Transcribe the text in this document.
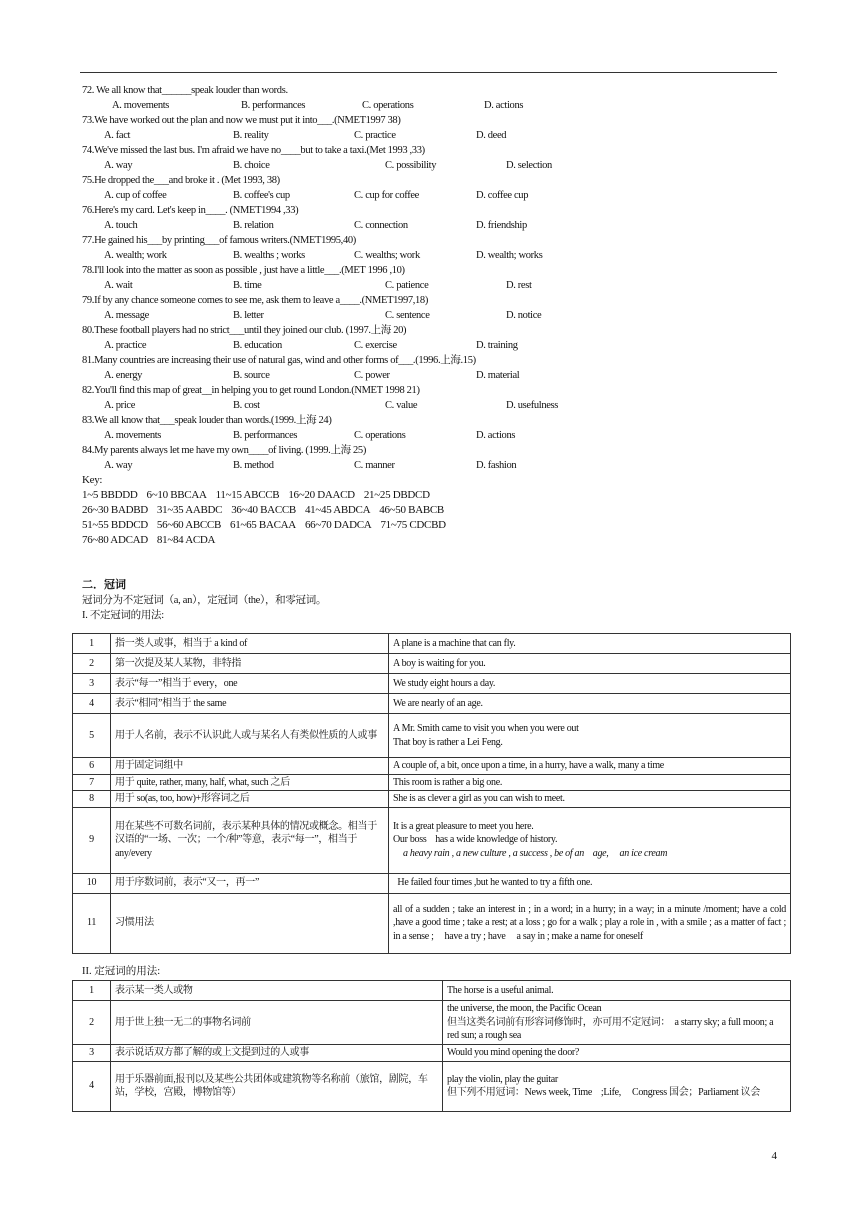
72. We all know that______speak louder than words.
A. movements	B. performances	C. operations	D. actions
73.We have worked out the plan and now we must put it into___.(NMET1997 38)
A. fact	B. reality	C. practice	D. deed
74.We've missed the last bus. I'm afraid we have no____but to take a taxi.(Met 1993 ,33)
A. way	B. choice	C. possibility	D. selection
75.He dropped the___and broke it . (Met 1993, 38)
A. cup of coffee	B. coffee's cup	C. cup for coffee	D. coffee cup
76.Here's my card. Let's keep in____. (NMET1994 ,33)
A. touch	B. relation	C. connection	D. friendship
77.He gained his___by printing___of famous writers.(NMET1995,40)
A. wealth; work	B. wealths ; works	C. wealths; work	D. wealth; works
78.I'll look into the matter as soon as possible , just have a little___.(MET 1996 ,10)
A. wait	B. time	C. patience	D. rest
79.If by any chance someone comes to see me, ask them to leave a____.(NMET1997,18)
A. message	B. letter	C. sentence	D. notice
80.These football players had no strict___until they joined our club. (1997.上海 20)
A. practice	B. education	C. exercise	D. training
81.Many countries are increasing their use of natural gas, wind and other forms of___.(1996.上海.15)
A. energy	B. source	C. power	D. material
82.You'll find this map of great__in helping you to get round London.(NMET 1998 21)
A. price	B. cost	C. value	D. usefulness
83.We all know that___speak louder than words.(1999.上海 24)
A. movements	B. performances	C. operations	D. actions
84.My parents always let me have my own____of living. (1999.上海 25)
A. way	B. method	C. manner	D. fashion
Key:
1~5 BBDDD 6~10 BBCAA 11~15 ABCCB 16~20 DAACD 21~25 DBDCD
26~30 BADBD 31~35 AABDC 36~40 BACCB 41~45 ABDCA 46~50 BABCB
51~55 BDDCD 56~60 ABCCB 61~65 BACAA 66~70 DADCA 71~75 CDCBD
76~80 ADCAD 81~84 ACDA
二．冠词
冠词分为不定冠词（a, an），定冠词（the），和零冠词。
I. 不定冠词的用法:
1	指一类人或事，相当于 a kind of	A plane is a machine that can fly.

2	第一次提及某人某物，非特指	A boy is waiting for you.

3	表示“每一”相当于 every，one	We study eight hours a day.

4	表示“相同”相当于 the same	We are nearly of an age.

5	用于人名前，表示不认识此人或与某名人有类似性质的人或事	A Mr. Smith came to visit you when you were out
That boy is rather a Lei Feng.

6	用于固定词组中	A couple of, a bit, once upon a time, in a hurry, have a walk, many a time

7	用于 quite, rather, many, half, what, such 之后	This room is rather a big one.

8	用于 so(as, too, how)+形容词之后	She is as clever a girl as you can wish to meet.

9	用在某些不可数名词前，表示某种具体的情况或概念。相当于汉语的“一场、一次；一个/种”等意，表示“每一”，相当于 any/every	It is a great pleasure to meet you here.
Our boss    has a wide knowledge of history.
a heavy rain , a new culture , a success , be of an    age,     an ice cream

10	用于序数词前，表示“又一，再一”	He failed four times ,but he wanted to try a fifth one.

11	习惯用法	all of a sudden ; take an interest in ; in a word; in a hurry; in a way; in a minute /moment; have a cold ,have a good time ; take a rest; at a loss ; go for a walk ; play a role in , with a smile ; as a matter of fact ; in a sense ;     have a try ; have     a say in ; make a name for oneself
II. 定冠词的用法:
1	表示某一类人或物	The horse is a useful animal.

2	用于世上独一无二的事物名词前	the universe, the moon, the Pacific Ocean
但当这类名词前有形容词修饰时，亦可用不定冠词：  a starry sky; a full moon; a red sun; a rough sea

3	表示说话双方都了解的或上文提到过的人或事	Would you mind opening the door?

4	用于乐器前面,报刊以及某些公共团体或建筑物等名称前（旅馆，剧院，车站，学校，宫殿，博物馆等）	play the violin, play the guitar
但下列不用冠词：News week, Time    ;Life,     Congress 国会；Parliament 议会
4
